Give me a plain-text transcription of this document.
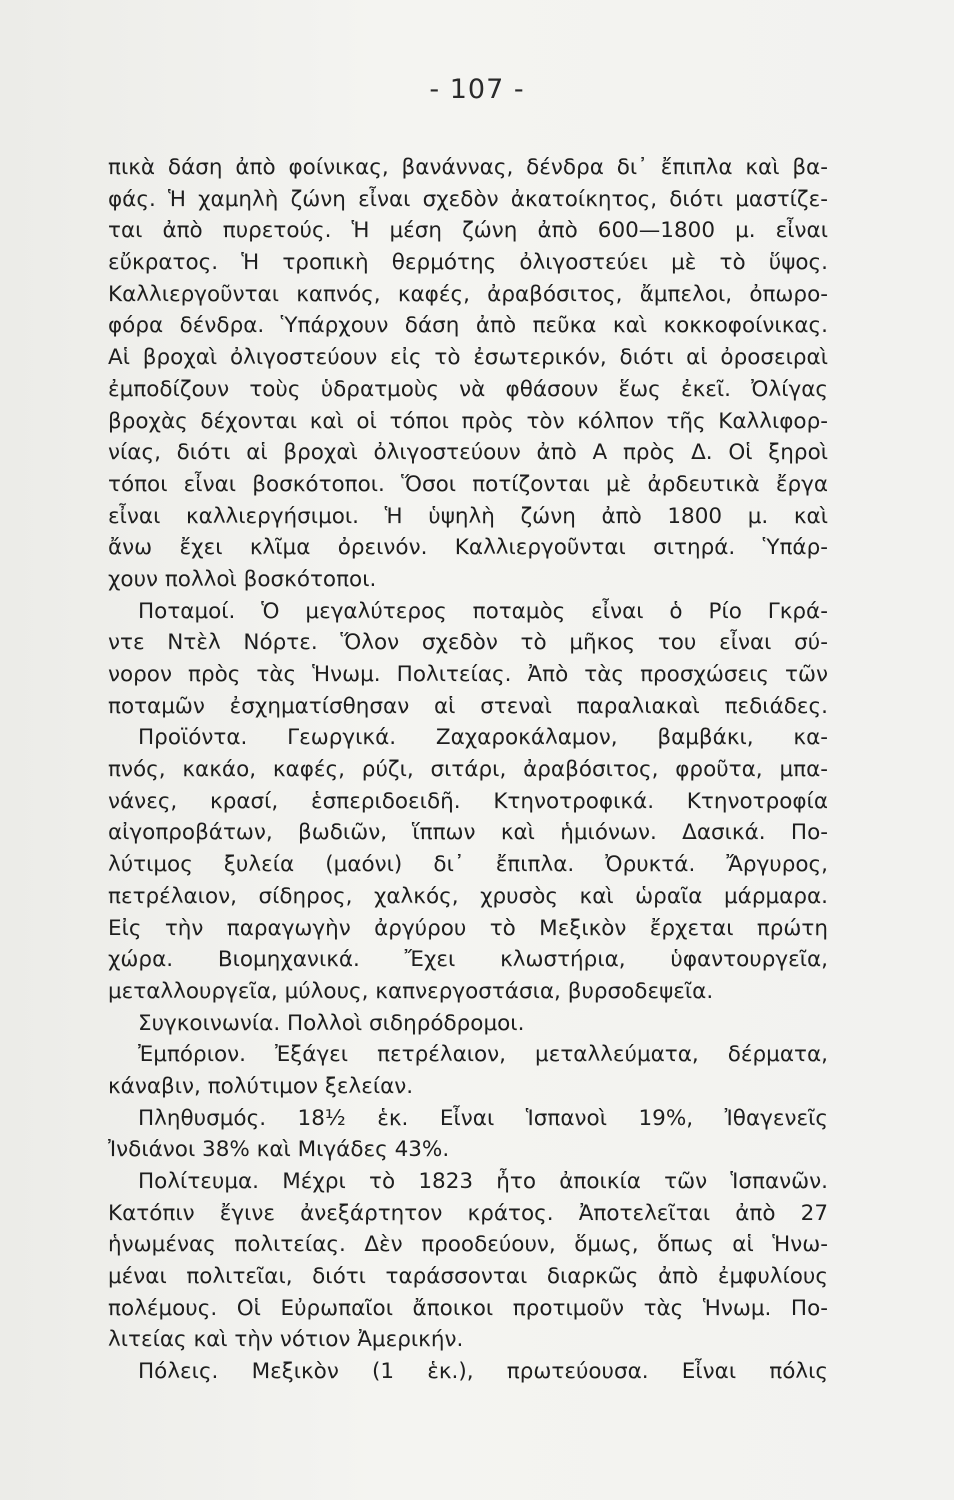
- 107 -
πικὰ δάση ἀπὸ φοίνικας, βανάννας, δένδρα δι᾿ ἔπιπλα καὶ βα-
φάς. Ἡ χαμηλὴ ζώνη εἶναι σχεδὸν ἀκατοίκητος, διότι μαστίζε-
ται ἀπὸ πυρετούς. Ἡ μέση ζώνη ἀπὸ 600—1800 μ. εἶναι
εὔκρατος. Ἡ τροπικὴ θερμότης ὀλιγοστεύει μὲ τὸ ὕψος.
Καλλιεργοῦνται καπνός, καφές, ἀραβόσιτος, ἄμπελοι, ὀπωρο-
φόρα δένδρα. Ὑπάρχουν δάση ἀπὸ πεῦκα καὶ κοκκοφοίνικας.
Αἱ βροχαὶ ὀλιγοστεύουν εἰς τὸ ἐσωτερικόν, διότι αἱ ὀροσειραὶ
ἐμποδίζουν τοὺς ὑδρατμοὺς νὰ φθάσουν ἕως ἐκεῖ. Ὀλίγας
βροχὰς δέχονται καὶ οἱ τόποι πρὸς τὸν κόλπον τῆς Καλλιφορ-
νίας, διότι αἱ βροχαὶ ὀλιγοστεύουν ἀπὸ Α πρὸς Δ. Οἱ ξηροὶ
τόποι εἶναι βοσκότοποι. Ὅσοι ποτίζονται μὲ ἀρδευτικὰ ἔργα
εἶναι καλλιεργήσιμοι. Ἡ ὑψηλὴ ζώνη ἀπὸ 1800 μ. καὶ
ἄνω ἔχει κλῖμα ὀρεινόν. Καλλιεργοῦνται σιτηρά. Ὑπάρ-
χουν πολλοὶ βοσκότοποι.
Ποταμοί. Ὁ μεγαλύτερος ποταμὸς εἶναι ὁ Ρίο Γκρά-
ντε Ντὲλ Νόρτε. Ὅλον σχεδὸν τὸ μῆκος του εἶναι σύ-
νορον πρὸς τὰς Ἡνωμ. Πολιτείας. Ἀπὸ τὰς προσχώσεις τῶν
ποταμῶν ἐσχηματίσθησαν αἱ στεναὶ παραλιακαὶ πεδιάδες.
Προϊόντα. Γεωργικά. Ζαχαροκάλαμον, βαμβάκι, κα-
πνός, κακάο, καφές, ρύζι, σιτάρι, ἀραβόσιτος, φροῦτα, μπα-
νάνες, κρασί, ἑσπεριδοειδῆ. Κτηνοτροφικά. Κτηνοτροφία
αἰγοπροβάτων, βωδιῶν, ἵππων καὶ ἡμιόνων. Δασικά. Πο-
λύτιμος ξυλεία (μαόνι) δι᾿ ἔπιπλα. Ὀρυκτά. Ἄργυρος,
πετρέλαιον, σίδηρος, χαλκός, χρυσὸς καὶ ὡραῖα μάρμαρα.
Εἰς τὴν παραγωγὴν ἀργύρου τὸ Μεξικὸν ἔρχεται πρώτη
χώρα. Βιομηχανικά. Ἔχει κλωστήρια, ὑφαντουργεῖα,
μεταλλουργεῖα, μύλους, καπνεργοστάσια, βυρσοδεψεῖα.
Συγκοινωνία. Πολλοὶ σιδηρόδρομοι.
Ἐμπόριον. Ἐξάγει πετρέλαιον, μεταλλεύματα, δέρματα,
κάναβιν, πολύτιμον ξελείαν.
Πληθυσμός. 18½ ἑκ. Εἶναι Ἱσπανοὶ 19%, Ἰθαγενεῖς
Ἰνδιάνοι 38% καὶ Μιγάδες 43%.
Πολίτευμα. Μέχρι τὸ 1823 ἦτο ἀποικία τῶν Ἱσπανῶν.
Κατόπιν ἔγινε ἀνεξάρτητον κράτος. Ἀποτελεῖται ἀπὸ 27
ἡνωμένας πολιτείας. Δὲν προοδεύουν, ὅμως, ὅπως αἱ Ἡνω-
μέναι πολιτεῖαι, διότι ταράσσονται διαρκῶς ἀπὸ ἐμφυλίους
πολέμους. Οἱ Εὐρωπαῖοι ἄποικοι προτιμοῦν τὰς Ἡνωμ. Πο-
λιτείας καὶ τὴν νότιον Ἀμερικήν.
Πόλεις. Μεξικὸν (1 ἑκ.), πρωτεύουσα. Εἶναι πόλις
